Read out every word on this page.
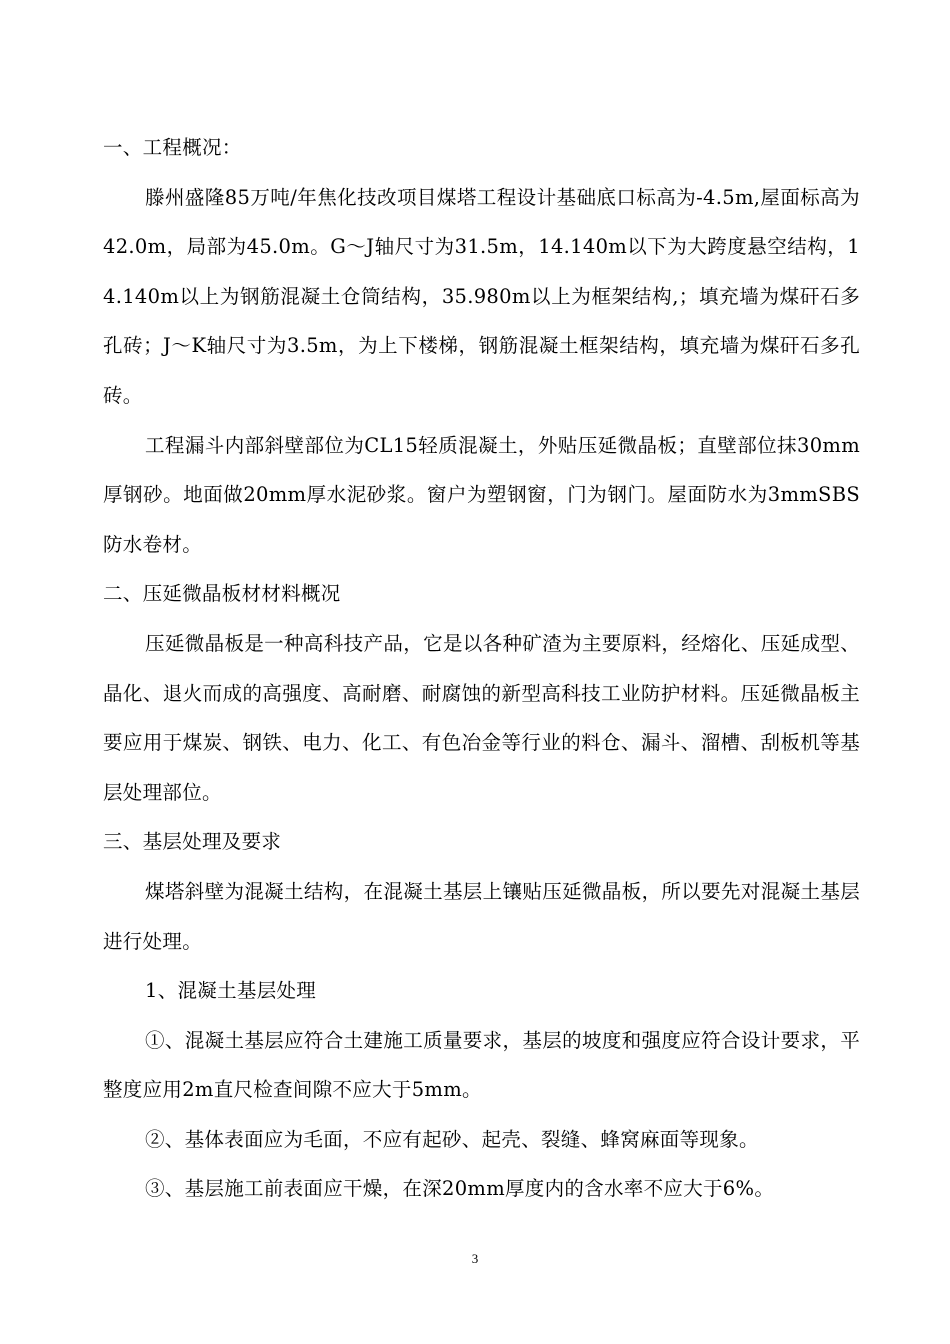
一、工程概况：

滕州盛隆85万吨/年焦化技改项目煤塔工程设计基础底口标高为-4.5m,屋面标高为42.0m，局部为45.0m。G～J轴尺寸为31.5m，14.140m以下为大跨度悬空结构，14.140m以上为钢筋混凝土仓筒结构，35.980m以上为框架结构,；填充墙为煤矸石多孔砖；J～K轴尺寸为3.5m，为上下楼梯，钢筋混凝土框架结构，填充墙为煤矸石多孔砖。

工程漏斗内部斜壁部位为CL15轻质混凝土，外贴压延微晶板；直壁部位抹30mm厚钢砂。地面做20mm厚水泥砂浆。窗户为塑钢窗，门为钢门。屋面防水为3mmSBS防水卷材。

二、压延微晶板材材料概况

压延微晶板是一种高科技产品，它是以各种矿渣为主要原料，经熔化、压延成型、晶化、退火而成的高强度、高耐磨、耐腐蚀的新型高科技工业防护材料。压延微晶板主要应用于煤炭、钢铁、电力、化工、有色冶金等行业的料仓、漏斗、溜槽、刮板机等基层处理部位。

三、基层处理及要求

煤塔斜壁为混凝土结构，在混凝土基层上镶贴压延微晶板，所以要先对混凝土基层进行处理。

1、混凝土基层处理

①、混凝土基层应符合土建施工质量要求，基层的坡度和强度应符合设计要求，平整度应用2m直尺检查间隙不应大于5mm。

②、基体表面应为毛面，不应有起砂、起壳、裂缝、蜂窝麻面等现象。

③、基层施工前表面应干燥，在深20mm厚度内的含水率不应大于6%。

3
